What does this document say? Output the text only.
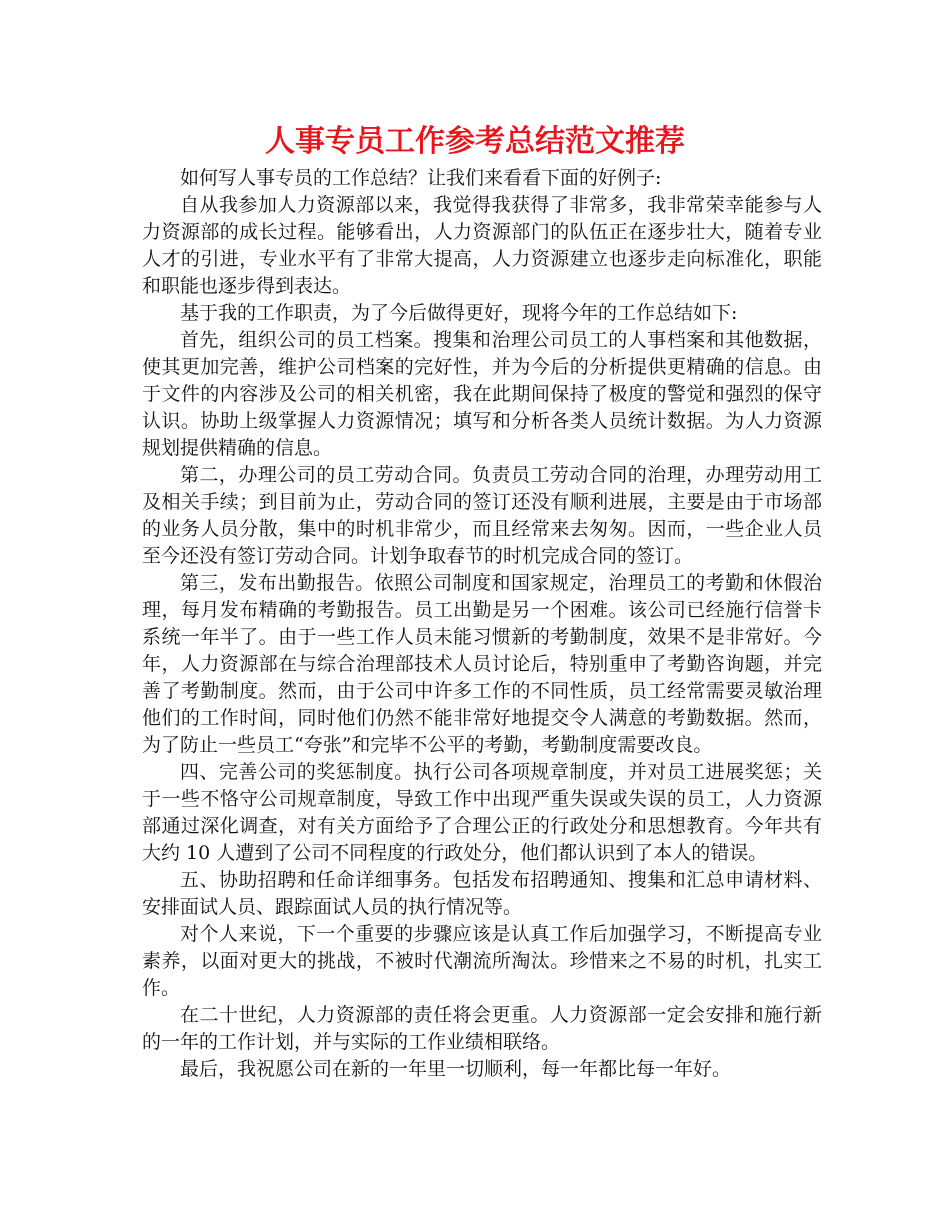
人事专员工作参考总结范文推荐

如何写人事专员的工作总结？让我们来看看下面的好例子:

自从我参加人力资源部以来，我觉得我获得了非常多，我非常荣幸能参与人力资源部的成长过程。能够看出，人力资源部门的队伍正在逐步壮大，随着专业人才的引进，专业水平有了非常大提高，人力资源建立也逐步走向标准化，职能和职能也逐步得到表达。

基于我的工作职责，为了今后做得更好，现将今年的工作总结如下:

首先，组织公司的员工档案。搜集和治理公司员工的人事档案和其他数据，使其更加完善，维护公司档案的完好性，并为今后的分析提供更精确的信息。由于文件的内容涉及公司的相关机密，我在此期间保持了极度的警觉和强烈的保守认识。协助上级掌握人力资源情况；填写和分析各类人员统计数据。为人力资源规划提供精确的信息。

第二，办理公司的员工劳动合同。负责员工劳动合同的治理，办理劳动用工及相关手续；到目前为止，劳动合同的签订还没有顺利进展，主要是由于市场部的业务人员分散，集中的时机非常少，而且经常来去匆匆。因而，一些企业人员至今还没有签订劳动合同。计划争取春节的时机完成合同的签订。

第三，发布出勤报告。依照公司制度和国家规定，治理员工的考勤和休假治理，每月发布精确的考勤报告。员工出勤是另一个困难。该公司已经施行信誉卡系统一年半了。由于一些工作人员未能习惯新的考勤制度，效果不是非常好。今年，人力资源部在与综合治理部技术人员讨论后，特别重申了考勤咨询题，并完善了考勤制度。然而，由于公司中许多工作的不同性质，员工经常需要灵敏治理他们的工作时间，同时他们仍然不能非常好地提交令人满意的考勤数据。然而，为了防止一些员工“夸张”和完毕不公平的考勤，考勤制度需要改良。

四、完善公司的奖惩制度。执行公司各项规章制度，并对员工进展奖惩；关于一些不恪守公司规章制度，导致工作中出现严重失误或失误的员工，人力资源部通过深化调查，对有关方面给予了合理公正的行政处分和思想教育。今年共有大约 10 人遭到了公司不同程度的行政处分，他们都认识到了本人的错误。

五、协助招聘和任命详细事务。包括发布招聘通知、搜集和汇总申请材料、安排面试人员、跟踪面试人员的执行情况等。

对个人来说，下一个重要的步骤应该是认真工作后加强学习，不断提高专业素养，以面对更大的挑战，不被时代潮流所淘汰。珍惜来之不易的时机，扎实工作。

在二十世纪，人力资源部的责任将会更重。人力资源部一定会安排和施行新的一年的工作计划，并与实际的工作业绩相联络。

最后，我祝愿公司在新的一年里一切顺利，每一年都比每一年好。
